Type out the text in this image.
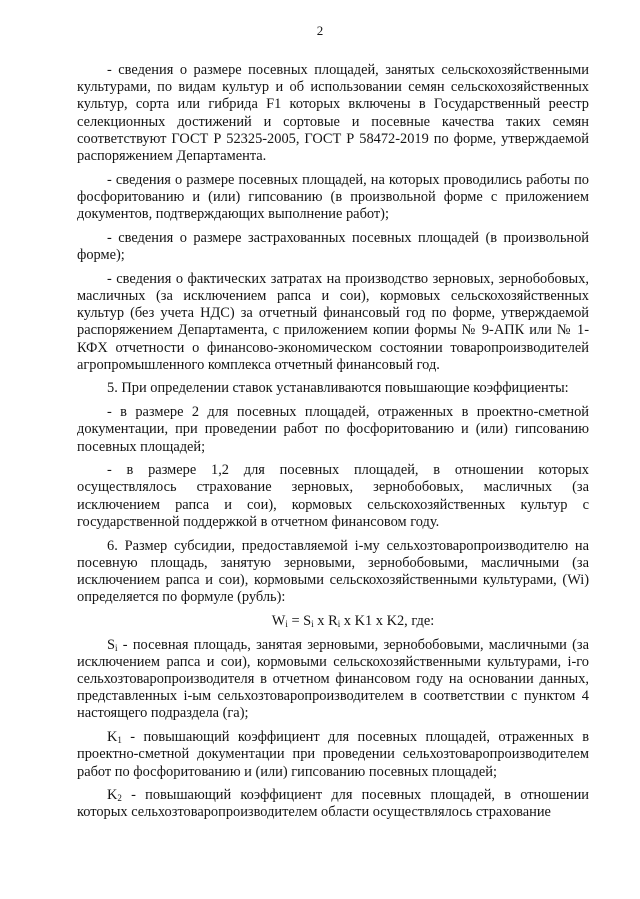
2

- сведения о размере посевных площадей, занятых сельскохозяйственными культурами, по видам культур и об использовании семян сельскохозяйственных культур, сорта или гибрида F1 которых включены в Государственный реестр селекционных достижений и сортовые и посевные качества таких семян соответствуют ГОСТ Р 52325-2005, ГОСТ Р 58472-2019 по форме, утверждаемой распоряжением Департамента.

- сведения о размере посевных площадей, на которых проводились работы по фосфоритованию и (или) гипсованию (в произвольной форме с приложением документов, подтверждающих выполнение работ);

- сведения о размере застрахованных посевных площадей (в произвольной форме);

- сведения о фактических затратах на производство зерновых, зернобобовых, масличных (за исключением рапса и сои), кормовых сельскохозяйственных культур (без учета НДС) за отчетный финансовый год по форме, утверждаемой распоряжением Департамента, с приложением копии формы № 9-АПК или № 1-КФХ отчетности о финансово-экономическом состоянии товаропроизводителей агропромышленного комплекса отчетный финансовый год.

5. При определении ставок устанавливаются повышающие коэффициенты:

- в размере 2 для посевных площадей, отраженных в проектно-сметной документации, при проведении работ по фосфоритованию и (или) гипсованию посевных площадей;

- в размере 1,2 для посевных площадей, в отношении которых осуществлялось страхование зерновых, зернобобовых, масличных (за исключением рапса и сои), кормовых сельскохозяйственных культур с государственной поддержкой в отчетном финансовом году.

6. Размер субсидии, предоставляемой i-му сельхозтоваропроизводителю на посевную площадь, занятую зерновыми, зернобобовыми, масличными (за исключением рапса и сои), кормовыми сельскохозяйственными культурами, (Wi) определяется по формуле (рубль):

$W_i = S_i$ x $R_i$ x K1 x K2, где:

$S_i$ - посевная площадь, занятая зерновыми, зернобобовыми, масличными (за исключением рапса и сои), кормовыми сельскохозяйственными культурами, i-го сельхозтоваропроизводителя в отчетном финансовом году на основании данных, представленных i-ым сельхозтоваропроизводителем в соответствии с пунктом 4 настоящего подраздела (га);

$K_1$ - повышающий коэффициент для посевных площадей, отраженных в проектно-сметной документации при проведении сельхозтоваропроизводителем работ по фосфоритованию и (или) гипсованию посевных площадей;

$K_2$ - повышающий коэффициент для посевных площадей, в отношении которых сельхозтоваропроизводителем области осуществлялось страхование
